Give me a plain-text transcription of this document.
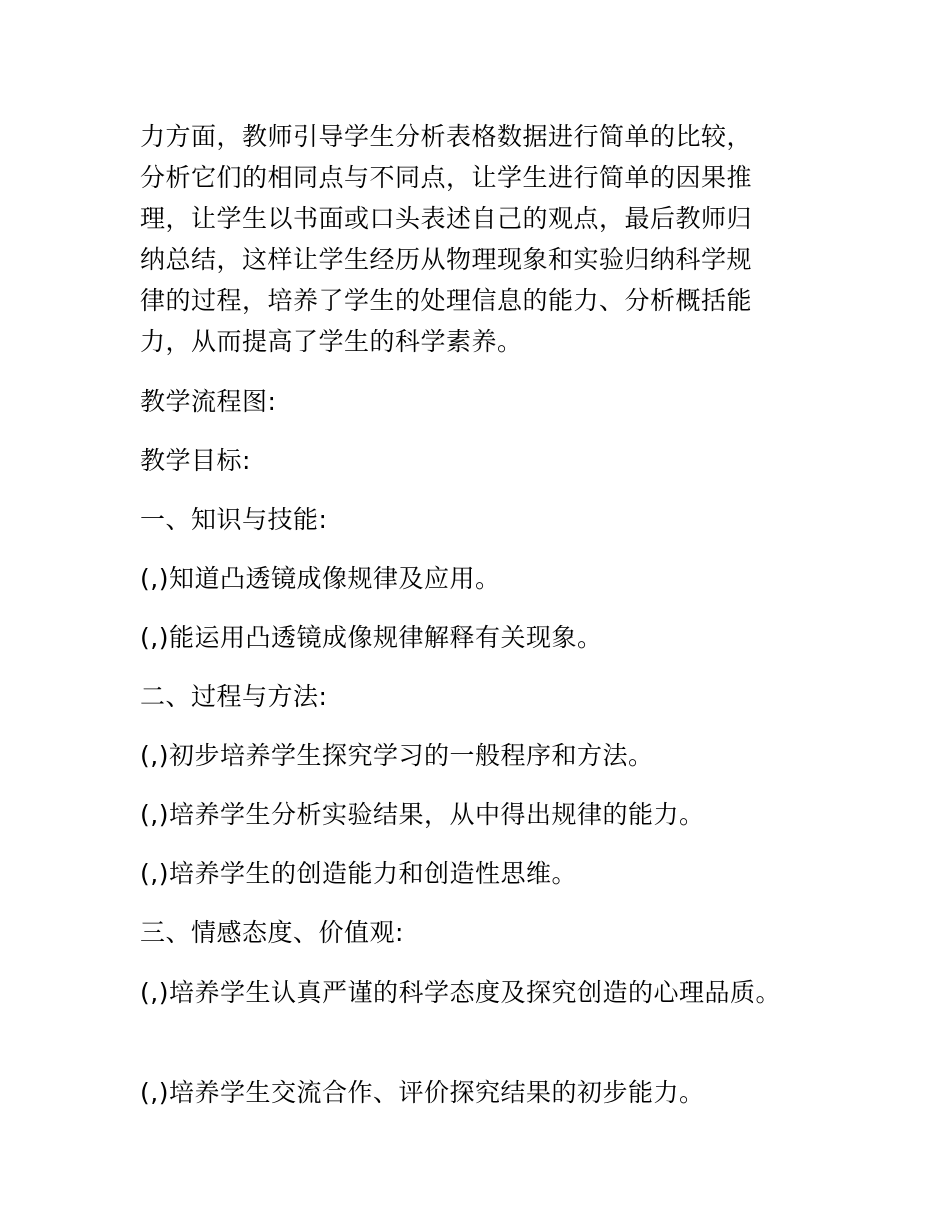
力方面，教师引导学生分析表格数据进行简单的比较，
分析它们的相同点与不同点，让学生进行简单的因果推
理，让学生以书面或口头表述自己的观点，最后教师归
纳总结，这样让学生经历从物理现象和实验归纳科学规
律的过程，培养了学生的处理信息的能力、分析概括能
力，从而提高了学生的科学素养。
教学流程图:
教学目标:
一、知识与技能:
(,)知道凸透镜成像规律及应用。
(,)能运用凸透镜成像规律解释有关现象。
二、过程与方法:
(,)初步培养学生探究学习的一般程序和方法。
(,)培养学生分析实验结果，从中得出规律的能力。
(,)培养学生的创造能力和创造性思维。
三、情感态度、价值观:
(,)培养学生认真严谨的科学态度及探究创造的心理品质。
(,)培养学生交流合作、评价探究结果的初步能力。
